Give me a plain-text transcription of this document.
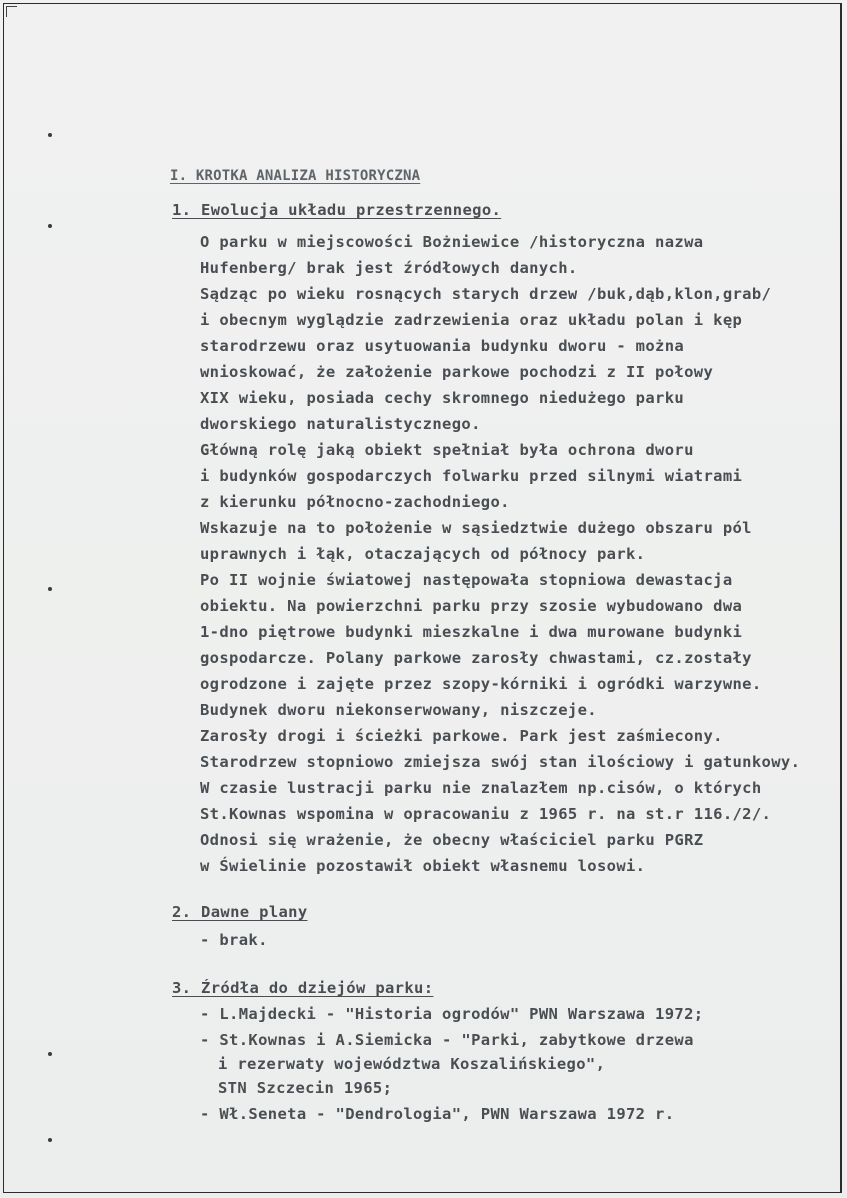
I. KROTKA ANALIZA HISTORYCZNA
1. Ewolucja układu przestrzennego.
O parku w miejscowości Bożniewice /historyczna nazwa
Hufenberg/ brak jest źródłowych danych.
Sądząc po wieku rosnących starych drzew /buk,dąb,klon,grab/
i obecnym wyglądzie zadrzewienia oraz układu polan i kęp
starodrzewu oraz usytuowania budynku dworu - można
wnioskować, że założenie parkowe pochodzi z II połowy
XIX wieku, posiada cechy skromnego niedużego parku
dworskiego naturalistycznego.
Główną rolę jaką obiekt spełniał była ochrona dworu
i budynków gospodarczych folwarku przed silnymi wiatrami
z kierunku północno-zachodniego.
Wskazuje na to położenie w sąsiedztwie dużego obszaru pól
uprawnych i łąk, otaczających od północy park.
Po II wojnie światowej następowała stopniowa dewastacja
obiektu. Na powierzchni parku przy szosie wybudowano dwa
1-dno piętrowe budynki mieszkalne i dwa murowane budynki
gospodarcze. Polany parkowe zarosły chwastami, cz.zostały
ogrodzone i zajęte przez szopy-kórniki i ogródki warzywne.
Budynek dworu niekonserwowany, niszczeje.
Zarosły drogi i ścieżki parkowe. Park jest zaśmiecony.
Starodrzew stopniowo zmiejsza swój stan ilościowy i gatunkowy.
W czasie lustracji parku nie znalazłem np.cisów, o których
St.Kownas wspomina w opracowaniu z 1965 r. na st.r 116./2/.
Odnosi się wrażenie, że obecny właściciel parku PGRZ
w Świelinie pozostawił obiekt własnemu losowi.
2. Dawne plany
- brak.
3. Źródła do dziejów parku:
- L.Majdecki - "Historia ogrodów" PWN Warszawa 1972;
- St.Kownas i A.Siemicka - "Parki, zabytkowe drzewa
i rezerwaty województwa Koszalińskiego",
STN Szczecin 1965;
- Wł.Seneta - "Dendrologia", PWN Warszawa 1972 r.
